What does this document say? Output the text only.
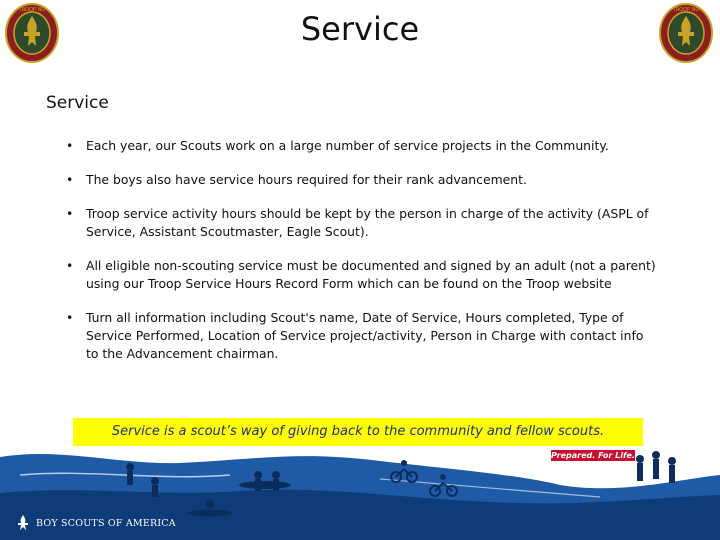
TROOP NO	TROOP NO
Service
Service
• Each year, our Scouts work on a large number of service projects in the Community.
• The boys also have service hours required for their rank advancement.
• Troop service activity hours should be kept by the person in charge of the activity (ASPL of Service, Assistant Scoutmaster, Eagle Scout).
• All eligible non-scouting service must be documented and signed by an adult (not a parent) using our Troop Service Hours Record Form which can be found on the Troop website
• Turn all information including Scout's name, Date of Service, Hours completed, Type of Service Performed, Location of Service project/activity, Person in Charge with contact info to the Advancement chairman.
Service is a scout’s way of giving back to the community and fellow scouts.
Prepared. For Life.
BOY SCOUTS OF AMERICA
